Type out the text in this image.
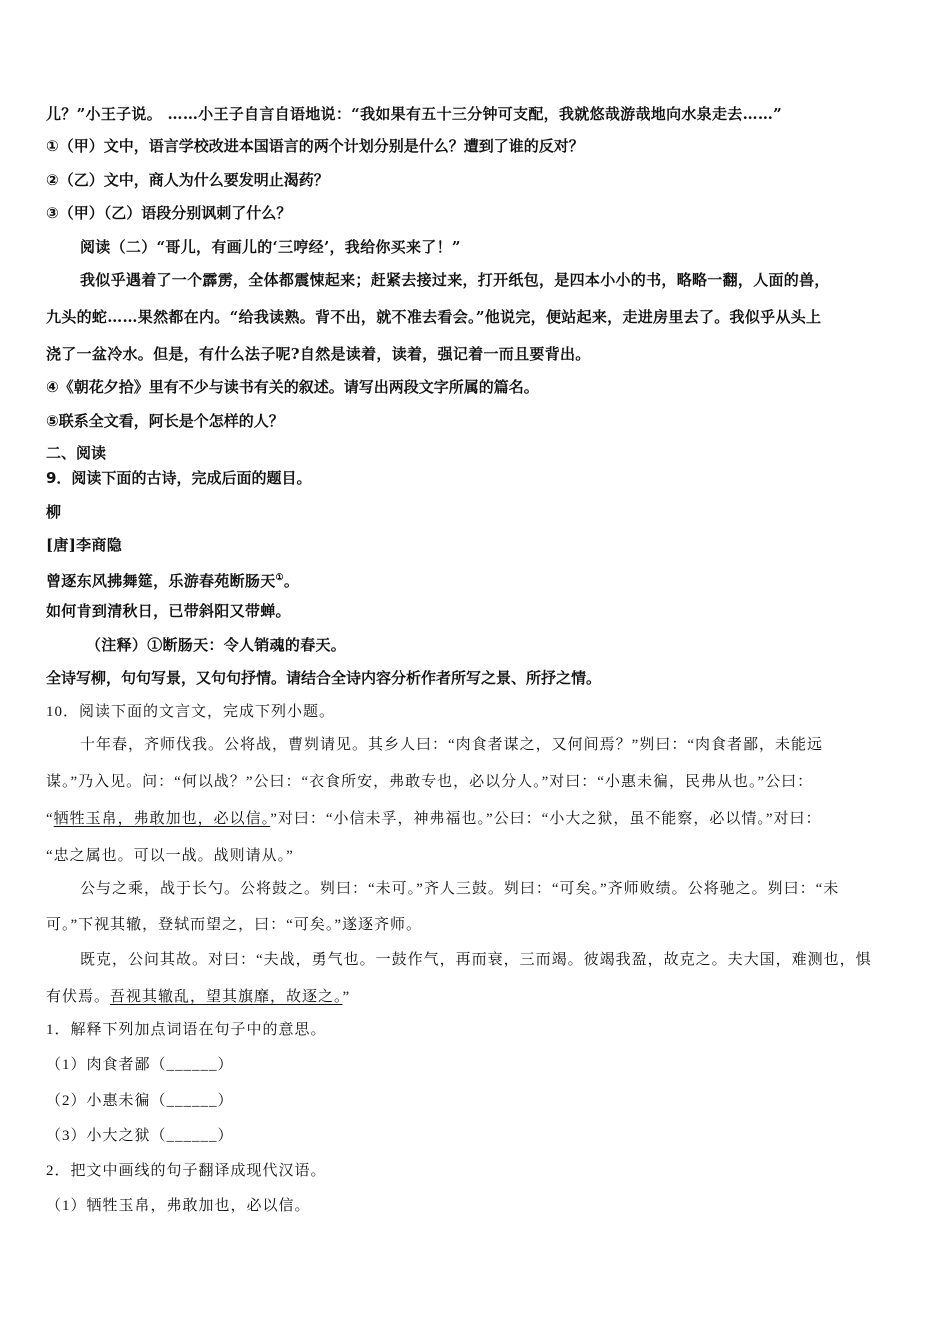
儿？”小王子说。 ……小王子自言自语地说：“我如果有五十三分钟可支配，我就悠哉游哉地向水泉走去……”
①（甲）文中，语言学校改进本国语言的两个计划分别是什么？遭到了谁的反对？
②（乙）文中，商人为什么要发明止渴药？
③（甲）（乙）语段分别讽刺了什么？
阅读（二）“哥儿，有画儿的‘三哼经’，我给你买来了！”
我似乎遇着了一个霹雳，全体都震悚起来；赶紧去接过来，打开纸包，是四本小小的书，略略一翻，人面的兽，
九头的蛇……果然都在内。“给我读熟。背不出，就不准去看会。”他说完，便站起来，走进房里去了。我似乎从头上
浇了一盆冷水。但是，有什么法子呢?自然是读着，读着，强记着一而且要背出。
④《朝花夕拾》里有不少与读书有关的叙述。请写出两段文字所属的篇名。
⑤联系全文看，阿长是个怎样的人？
二、阅读
9．阅读下面的古诗，完成后面的题目。
柳
[唐]李商隐
曾逐东风拂舞筵，乐游春苑断肠天①。
如何肯到清秋日，已带斜阳又带蝉。
（注释）①断肠天：令人销魂的春天。
全诗写柳，句句写景，又句句抒情。请结合全诗内容分析作者所写之景、所抒之情。
10．阅读下面的文言文，完成下列小题。
十年春，齐师伐我。公将战，曹刿请见。其乡人曰：“肉食者谋之，又何间焉？”刿曰：“肉食者鄙，未能远
谋。”乃入见。问：“何以战？”公曰：“衣食所安，弗敢专也，必以分人。”对曰：“小惠未徧，民弗从也。”公曰：
“牺牲玉帛，弗敢加也，必以信。”对曰：“小信未孚，神弗福也。”公曰：“小大之狱，虽不能察，必以情。”对曰：
“忠之属也。可以一战。战则请从。”
公与之乘，战于长勺。公将鼓之。刿曰：“未可。”齐人三鼓。刿曰：“可矣。”齐师败绩。公将驰之。刿曰：“未
可。”下视其辙，登轼而望之，曰：“可矣。”遂逐齐师。
既克，公问其故。对曰：“夫战，勇气也。一鼓作气，再而衰，三而竭。彼竭我盈，故克之。夫大国，难测也，惧
有伏焉。吾视其辙乱，望其旗靡，故逐之。”
1．解释下列加点词语在句子中的意思。
（1）肉食者鄙（______）
（2）小惠未徧（______）
（3）小大之狱（______）
2．把文中画线的句子翻译成现代汉语。
（1）牺牲玉帛，弗敢加也，必以信。
